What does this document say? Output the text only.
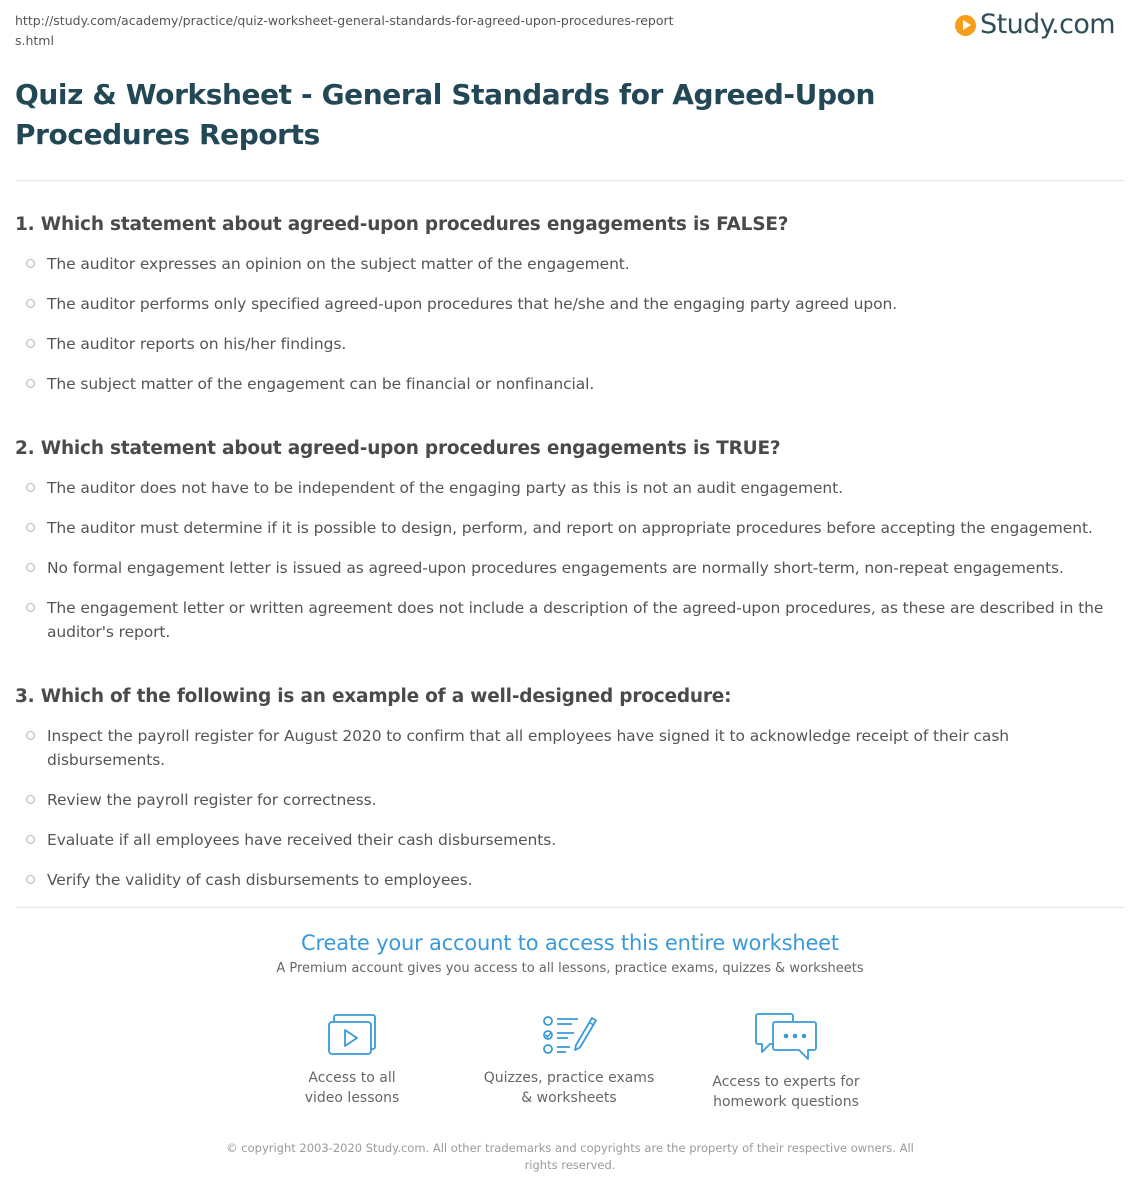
http://study.com/academy/practice/quiz-worksheet-general-standards-for-agreed-upon-procedures-reports.html
Study.com
Quiz & Worksheet - General Standards for Agreed-Upon Procedures Reports
1. Which statement about agreed-upon procedures engagements is FALSE?
The auditor expresses an opinion on the subject matter of the engagement.
The auditor performs only specified agreed-upon procedures that he/she and the engaging party agreed upon.
The auditor reports on his/her findings.
The subject matter of the engagement can be financial or nonfinancial.
2. Which statement about agreed-upon procedures engagements is TRUE?
The auditor does not have to be independent of the engaging party as this is not an audit engagement.
The auditor must determine if it is possible to design, perform, and report on appropriate procedures before accepting the engagement.
No formal engagement letter is issued as agreed-upon procedures engagements are normally short-term, non-repeat engagements.
The engagement letter or written agreement does not include a description of the agreed-upon procedures, as these are described in the auditor's report.
3. Which of the following is an example of a well-designed procedure:
Inspect the payroll register for August 2020 to confirm that all employees have signed it to acknowledge receipt of their cash disbursements.
Review the payroll register for correctness.
Evaluate if all employees have received their cash disbursements.
Verify the validity of cash disbursements to employees.
Create your account to access this entire worksheet
A Premium account gives you access to all lessons, practice exams, quizzes & worksheets
Access to all
video lessons
Quizzes, practice exams
& worksheets
Access to experts for
homework questions
© copyright 2003-2020 Study.com. All other trademarks and copyrights are the property of their respective owners. All rights reserved.
